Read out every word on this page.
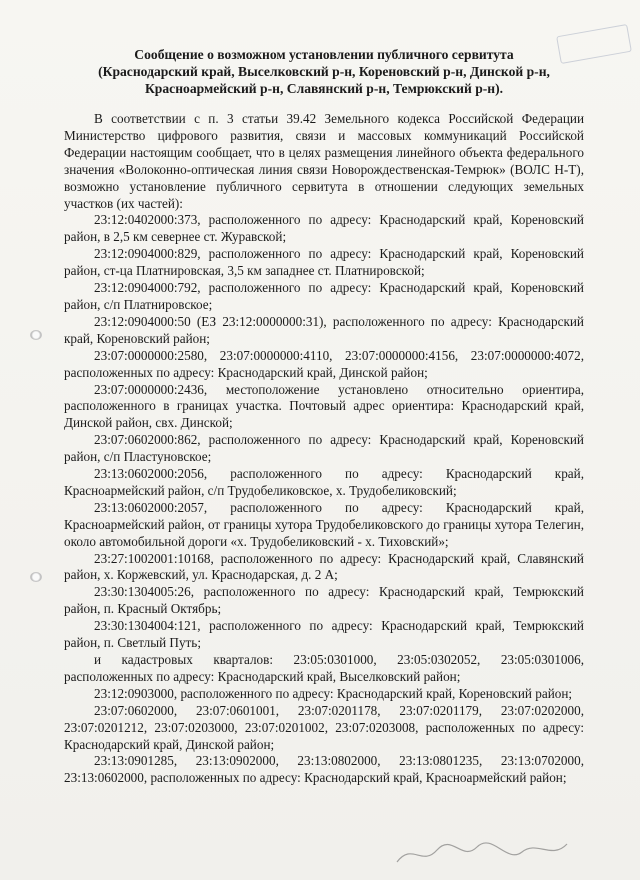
Сообщение о возможном установлении публичного сервитута
(Краснодарский край, Выселковский р-н, Кореновский р-н, Динской р-н,
Красноармейский р-н, Славянский р-н, Темрюкский р-н).

В соответствии с п. 3 статьи 39.42 Земельного кодекса Российской Федерации Министерство цифрового развития, связи и массовых коммуникаций Российской Федерации настоящим сообщает, что в целях размещения линейного объекта федерального значения «Волоконно-оптическая линия связи Новорождественская-Темрюк» (ВОЛС Н-Т), возможно установление публичного сервитута в отношении следующих земельных участков (их частей):

23:12:0402000:373, расположенного по адресу: Краснодарский край, Кореновский район, в 2,5 км севернее ст. Журавской;

23:12:0904000:829, расположенного по адресу: Краснодарский край, Кореновский район, ст-ца Платнировская, 3,5 км западнее ст. Платнировской;

23:12:0904000:792, расположенного по адресу: Краснодарский край, Кореновский район, с/п Платнировское;

23:12:0904000:50 (ЕЗ 23:12:0000000:31), расположенного по адресу: Краснодарский край, Кореновский район;

23:07:0000000:2580, 23:07:0000000:4110, 23:07:0000000:4156, 23:07:0000000:4072, расположенных по адресу: Краснодарский край, Динской район;

23:07:0000000:2436, местоположение установлено относительно ориентира, расположенного в границах участка. Почтовый адрес ориентира: Краснодарский край, Динской район, свх. Динской;

23:07:0602000:862, расположенного по адресу: Краснодарский край, Кореновский район, с/п Пластуновское;

23:13:0602000:2056, расположенного по адресу: Краснодарский край, Красноармейский район, с/п Трудобеликовское, х. Трудобеликовский;

23:13:0602000:2057, расположенного по адресу: Краснодарский край, Красноармейский район, от границы хутора Трудобеликовского до границы хутора Телегин, около автомобильной дороги «х. Трудобеликовский - х. Тиховский»;

23:27:1002001:10168, расположенного по адресу: Краснодарский край, Славянский район, х. Коржевский, ул. Краснодарская, д. 2 А;

23:30:1304005:26, расположенного по адресу: Краснодарский край, Темрюкский район, п. Красный Октябрь;

23:30:1304004:121, расположенного по адресу: Краснодарский край, Темрюкский район, п. Светлый Путь;

и кадастровых кварталов: 23:05:0301000, 23:05:0302052, 23:05:0301006, расположенных по адресу: Краснодарский край, Выселковский район;

23:12:0903000, расположенного по адресу: Краснодарский край, Кореновский район;

23:07:0602000, 23:07:0601001, 23:07:0201178, 23:07:0201179, 23:07:0202000, 23:07:0201212, 23:07:0203000, 23:07:0201002, 23:07:0203008, расположенных по адресу: Краснодарский край, Динской район;

23:13:0901285, 23:13:0902000, 23:13:0802000, 23:13:0801235, 23:13:0702000, 23:13:0602000, расположенных по адресу: Краснодарский край, Красноармейский район;
